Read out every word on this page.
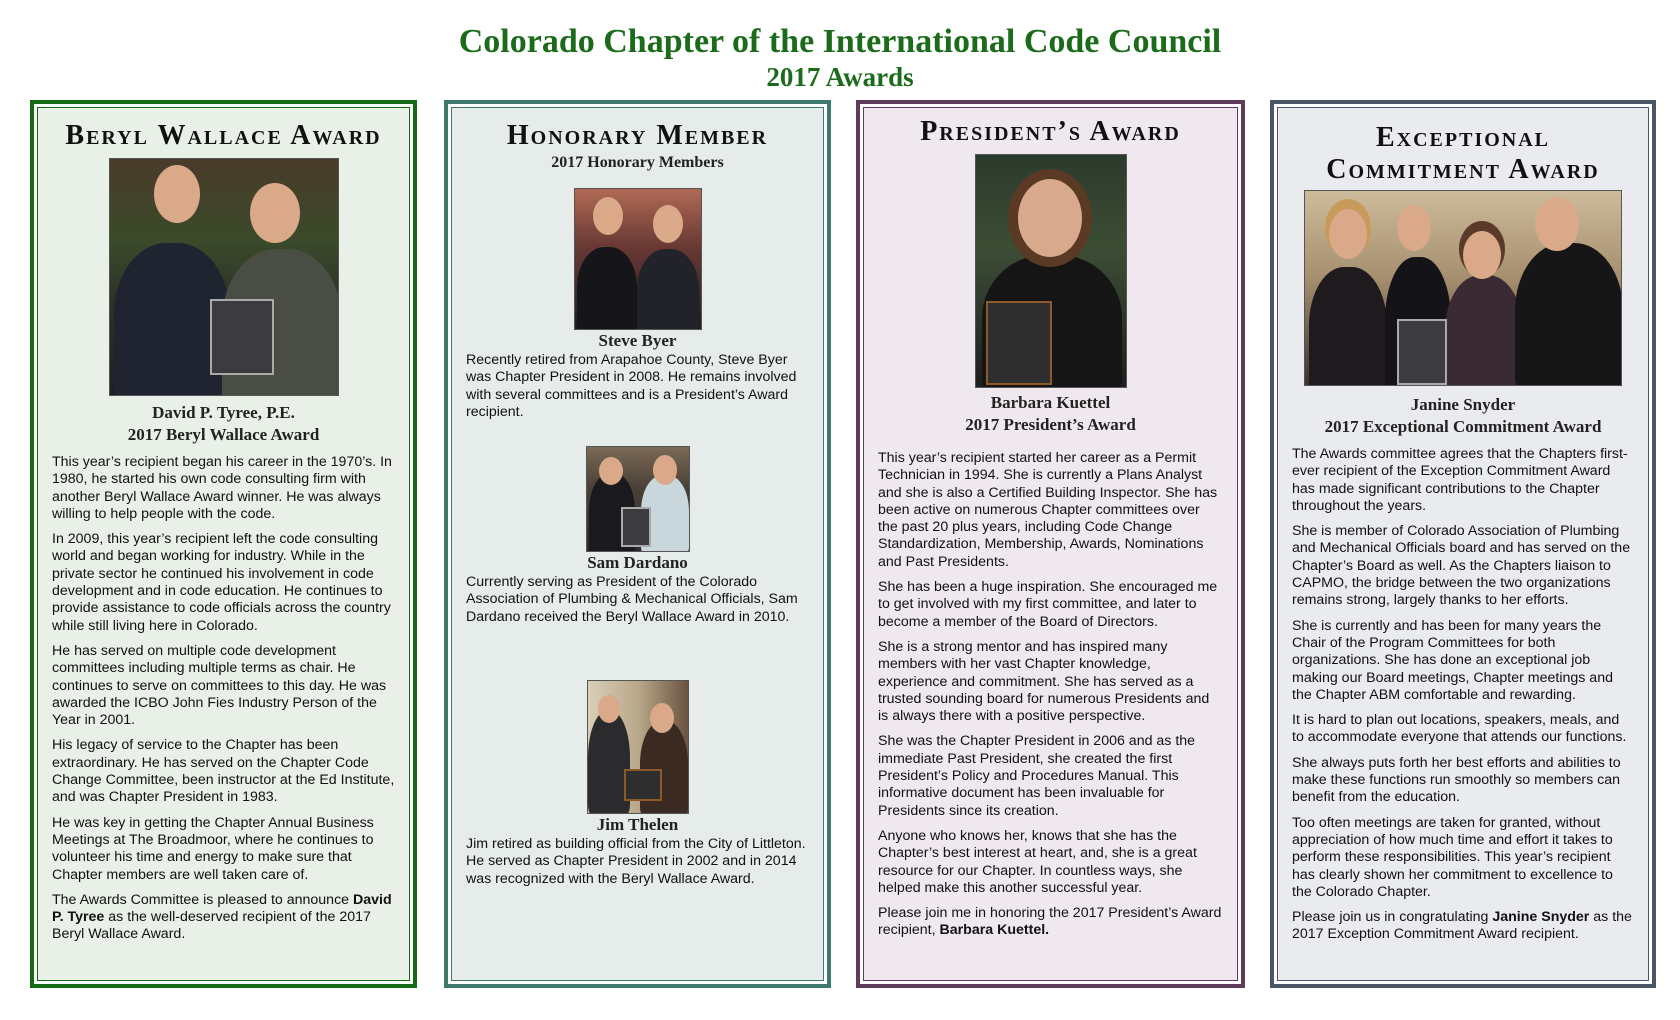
Colorado Chapter of the International Code Council
2017 Awards
Beryl Wallace Award
David P. Tyree, P.E.
2017 Beryl Wallace Award

This year’s recipient began his career in the 1970’s. In 1980, he started his own code consulting firm with another Beryl Wallace Award winner. He was always willing to help people with the code.

In 2009, this year’s recipient left the code consulting world and began working for industry. While in the private sector he continued his involvement in code development and in code education. He continues to provide assistance to code officials across the country while still living here in Colorado.

He has served on multiple code development committees including multiple terms as chair. He continues to serve on committees to this day. He was awarded the ICBO John Fies Industry Person of the Year in 2001.

His legacy of service to the Chapter has been extraordinary. He has served on the Chapter Code Change Committee, been instructor at the Ed Institute, and was Chapter President in 1983.

He was key in getting the Chapter Annual Business Meetings at The Broadmoor, where he continues to volunteer his time and energy to make sure that Chapter members are well taken care of.

The Awards Committee is pleased to announce David P. Tyree as the well-deserved recipient of the 2017 Beryl Wallace Award.

Honorary Member
2017 Honorary Members
Steve Byer

Recently retired from Arapahoe County, Steve Byer was Chapter President in 2008. He remains involved with several committees and is a President’s Award recipient.

Sam Dardano

Currently serving as President of the Colorado Association of Plumbing & Mechanical Officials, Sam Dardano received the Beryl Wallace Award in 2010.

Jim Thelen

Jim retired as building official from the City of Littleton. He served as Chapter President in 2002 and in 2014 was recognized with the Beryl Wallace Award.

President’s Award
Barbara Kuettel
2017 President’s Award

This year’s recipient started her career as a Permit Technician in 1994. She is currently a Plans Analyst and she is also a Certified Building Inspector. She has been active on numerous Chapter committees over the past 20 plus years, including Code Change Standardization, Membership, Awards, Nominations and Past Presidents.

She has been a huge inspiration. She encouraged me to get involved with my first committee, and later to become a member of the Board of Directors.

She is a strong mentor and has inspired many members with her vast Chapter knowledge, experience and commitment. She has served as a trusted sounding board for numerous Presidents and is always there with a positive perspective.

She was the Chapter President in 2006 and as the immediate Past President, she created the first President’s Policy and Procedures Manual. This informative document has been invaluable for Presidents since its creation.

Anyone who knows her, knows that she has the Chapter’s best interest at heart, and, she is a great resource for our Chapter. In countless ways, she helped make this another successful year.

Please join me in honoring the 2017 President’s Award recipient, Barbara Kuettel.

Exceptional
Commitment Award
Janine Snyder
2017 Exceptional Commitment Award

The Awards committee agrees that the Chapters first-ever recipient of the Exception Commitment Award has made significant contributions to the Chapter throughout the years.

She is member of Colorado Association of Plumbing and Mechanical Officials board and has served on the Chapter’s Board as well. As the Chapters liaison to CAPMO, the bridge between the two organizations remains strong, largely thanks to her efforts.

She is currently and has been for many years the Chair of the Program Committees for both organizations. She has done an exceptional job making our Board meetings, Chapter meetings and the Chapter ABM comfortable and rewarding.

It is hard to plan out locations, speakers, meals, and to accommodate everyone that attends our functions.

She always puts forth her best efforts and abilities to make these functions run smoothly so members can benefit from the education.

Too often meetings are taken for granted, without appreciation of how much time and effort it takes to perform these responsibilities. This year’s recipient has clearly shown her commitment to excellence to the Colorado Chapter.

Please join us in congratulating Janine Snyder as the 2017 Exception Commitment Award recipient.
